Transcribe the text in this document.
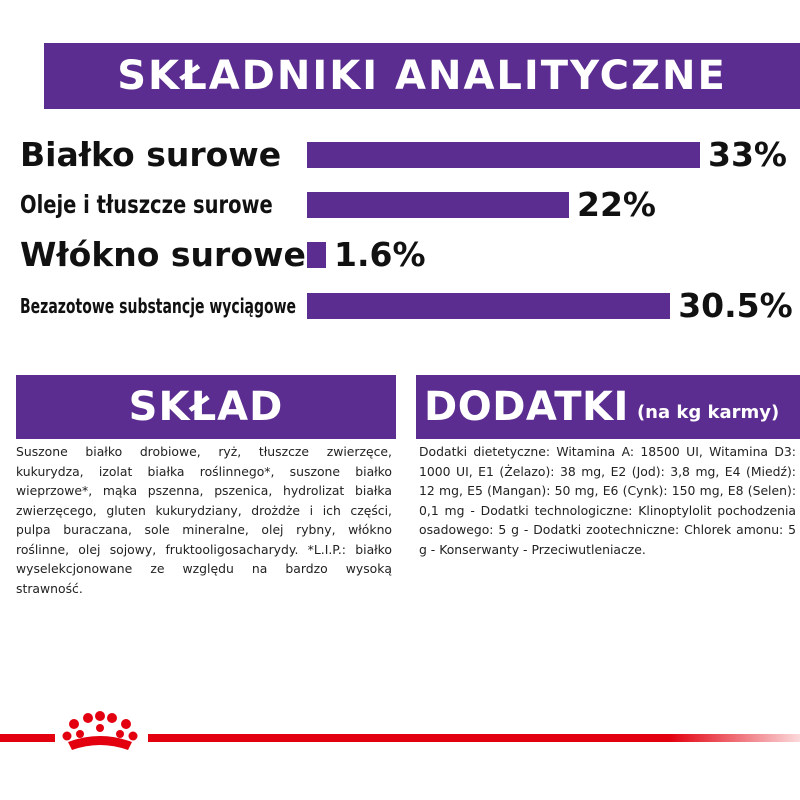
SKŁADNIKI ANALITYCZNE
Białko surowe	33%
Oleje i tłuszcze surowe	22%
Włókno surowe 1.6%
Bezazotowe substancje wyciągowe	30.5%
SKŁAD
Suszone białko drobiowe, ryż, tłuszcze zwierzęce, kukurydza, izolat białka roślinnego*, suszone białko wieprzowe*, mąka pszenna, pszenica, hydrolizat białka zwierzęcego, gluten kukurydziany, drożdże i ich części, pulpa buraczana, sole mineralne, olej rybny, włókno roślinne, olej sojowy, fruktooligosacharydy. *L.I.P.: białko wyselekcjonowane ze względu na bardzo wysoką strawność.
DODATKI (na kg karmy)
Dodatki dietetyczne: Witamina A: 18500 UI, Witamina D3: 1000 UI, E1 (Żelazo): 38 mg, E2 (Jod): 3,8 mg, E4 (Miedź): 12 mg, E5 (Mangan): 50 mg, E6 (Cynk): 150 mg, E8 (Selen): 0,1 mg - Dodatki technologiczne: Klinoptylolit pochodzenia osadowego: 5 g - Dodatki zootechniczne: Chlorek amonu: 5 g - Konserwanty - Przeciwutleniacze.
